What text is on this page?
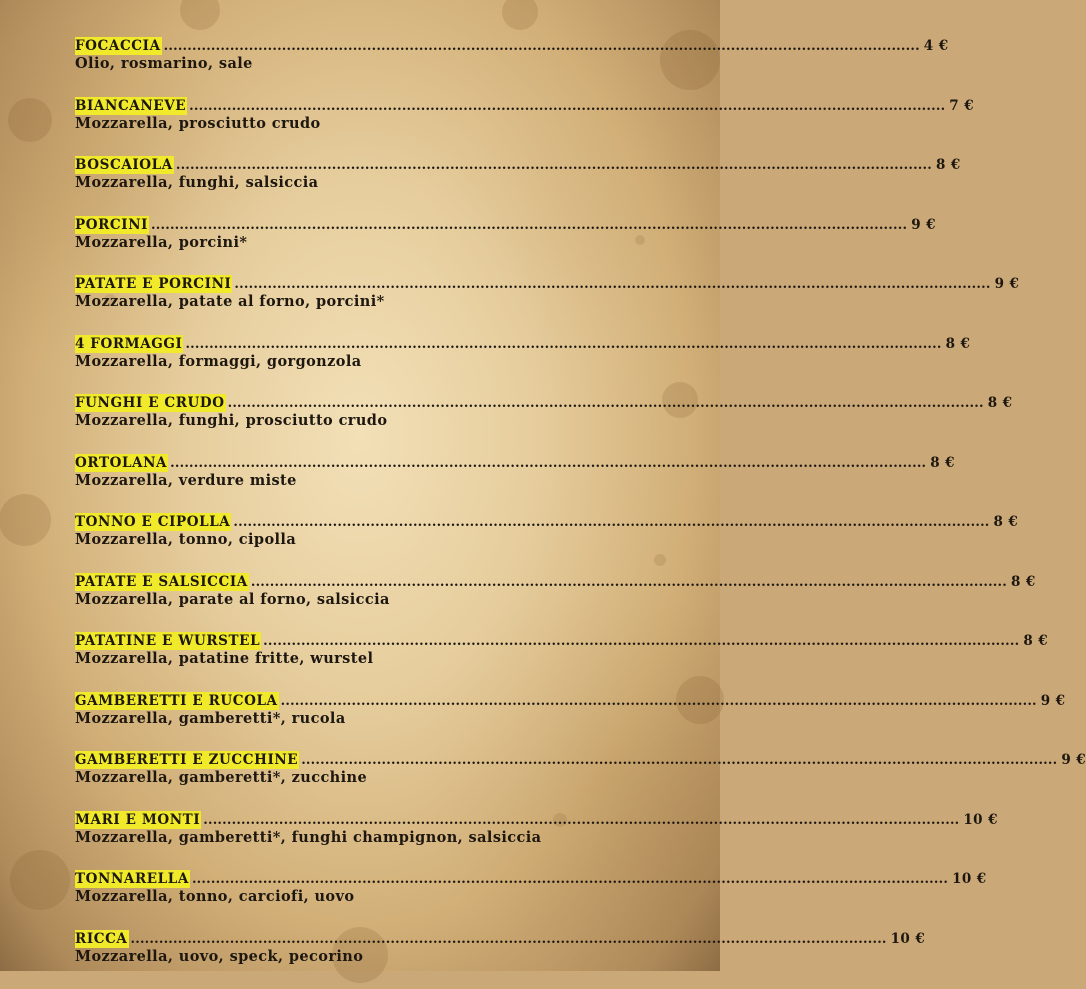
FOCACCIA ................................................................................................................................................................ 4 €
Olio, rosmarino, sale
BIANCANEVE ................................................................................................................................................................ 7 €
Mozzarella, prosciutto crudo
BOSCAIOLA ................................................................................................................................................................ 8 €
Mozzarella, funghi, salsiccia
PORCINI ................................................................................................................................................................ 9 €
Mozzarella, porcini*
PATATE E PORCINI ................................................................................................................................................................ 9 €
Mozzarella, patate al forno, porcini*
4 FORMAGGI ................................................................................................................................................................ 8 €
Mozzarella, formaggi, gorgonzola
FUNGHI E CRUDO ................................................................................................................................................................ 8 €
Mozzarella, funghi, prosciutto crudo
ORTOLANA ................................................................................................................................................................ 8 €
Mozzarella, verdure miste
TONNO E CIPOLLA ................................................................................................................................................................ 8 €
Mozzarella, tonno, cipolla
PATATE E SALSICCIA ................................................................................................................................................................ 8 €
Mozzarella, parate al forno, salsiccia
PATATINE E WURSTEL ................................................................................................................................................................ 8 €
Mozzarella, patatine fritte, wurstel
GAMBERETTI E RUCOLA ................................................................................................................................................................ 9 €
Mozzarella, gamberetti*, rucola
GAMBERETTI E ZUCCHINE ................................................................................................................................................................ 9 €
Mozzarella, gamberetti*, zucchine
MARI E MONTI ................................................................................................................................................................ 10 €
Mozzarella, gamberetti*, funghi champignon, salsiccia
TONNARELLA ................................................................................................................................................................ 10 €
Mozzarella, tonno, carciofi, uovo
RICCA ................................................................................................................................................................ 10 €
Mozzarella, uovo, speck, pecorino
